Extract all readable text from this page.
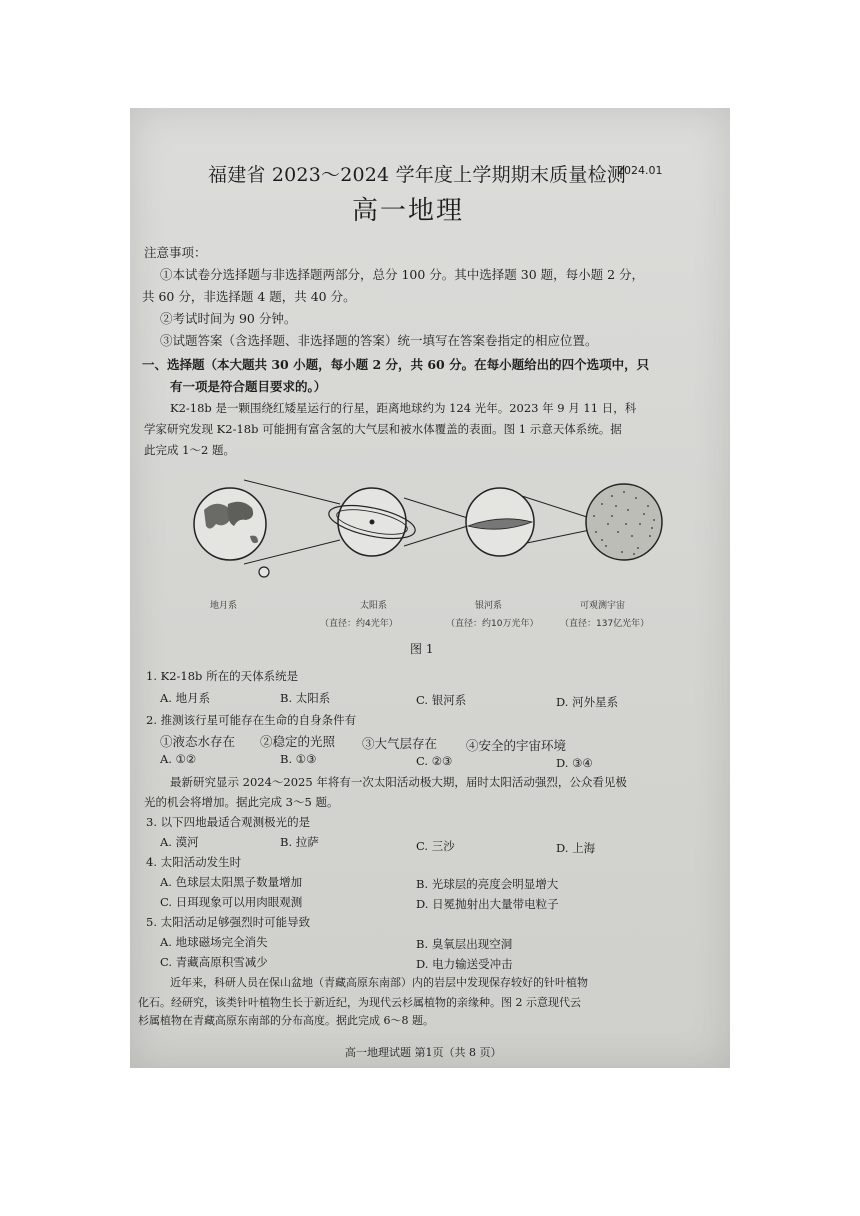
福建省 2023～2024 学年度上学期期末质量检测
2024.01
高一地理
注意事项：
①本试卷分选择题与非选择题两部分，总分 100 分。其中选择题 30 题，每小题 2 分，
共 60 分，非选择题 4 题，共 40 分。
②考试时间为 90 分钟。
③试题答案（含选择题、非选择题的答案）统一填写在答案卷指定的相应位置。
一、选择题（本大题共 30 小题，每小题 2 分，共 60 分。在每小题给出的四个选项中，只
有一项是符合题目要求的。）
K2-18b 是一颗围绕红矮星运行的行星，距离地球约为 124 光年。2023 年 9 月 11 日，科
学家研究发现 K2-18b 可能拥有富含氢的大气层和被水体覆盖的表面。图 1 示意天体系统。据
此完成 1～2 题。
地月系	太阳系	银河系	可观测宇宙
（直径：约4光年）	（直径：约10万光年） （直径：137亿光年）
图 1
1. K2-18b 所在的天体系统是
A. 地月系	B. 太阳系	C. 银河系	D. 河外星系
2. 推测该行星可能存在生命的自身条件有
①液态水存在 ②稳定的光照 ③大气层存在 ④安全的宇宙环境
A. ①②	B. ①③	C. ②③	D. ③④
最新研究显示 2024～2025 年将有一次太阳活动极大期，届时太阳活动强烈，公众看见极
光的机会将增加。据此完成 3～5 题。
3. 以下四地最适合观测极光的是
A. 漠河	B. 拉萨	C. 三沙	D. 上海
4. 太阳活动发生时
A. 色球层太阳黑子数量增加	B. 光球层的亮度会明显增大
C. 日珥现象可以用肉眼观测	D. 日冕抛射出大量带电粒子
5. 太阳活动足够强烈时可能导致
A. 地球磁场完全消失	B. 臭氧层出现空洞
C. 青藏高原积雪减少	D. 电力输送受冲击
近年来，科研人员在保山盆地（青藏高原东南部）内的岩层中发现保存较好的针叶植物
化石。经研究，该类针叶植物生长于新近纪，为现代云杉属植物的亲缘种。图 2 示意现代云
杉属植物在青藏高原东南部的分布高度。据此完成 6～8 题。
高一地理试题 第1页（共 8 页）
